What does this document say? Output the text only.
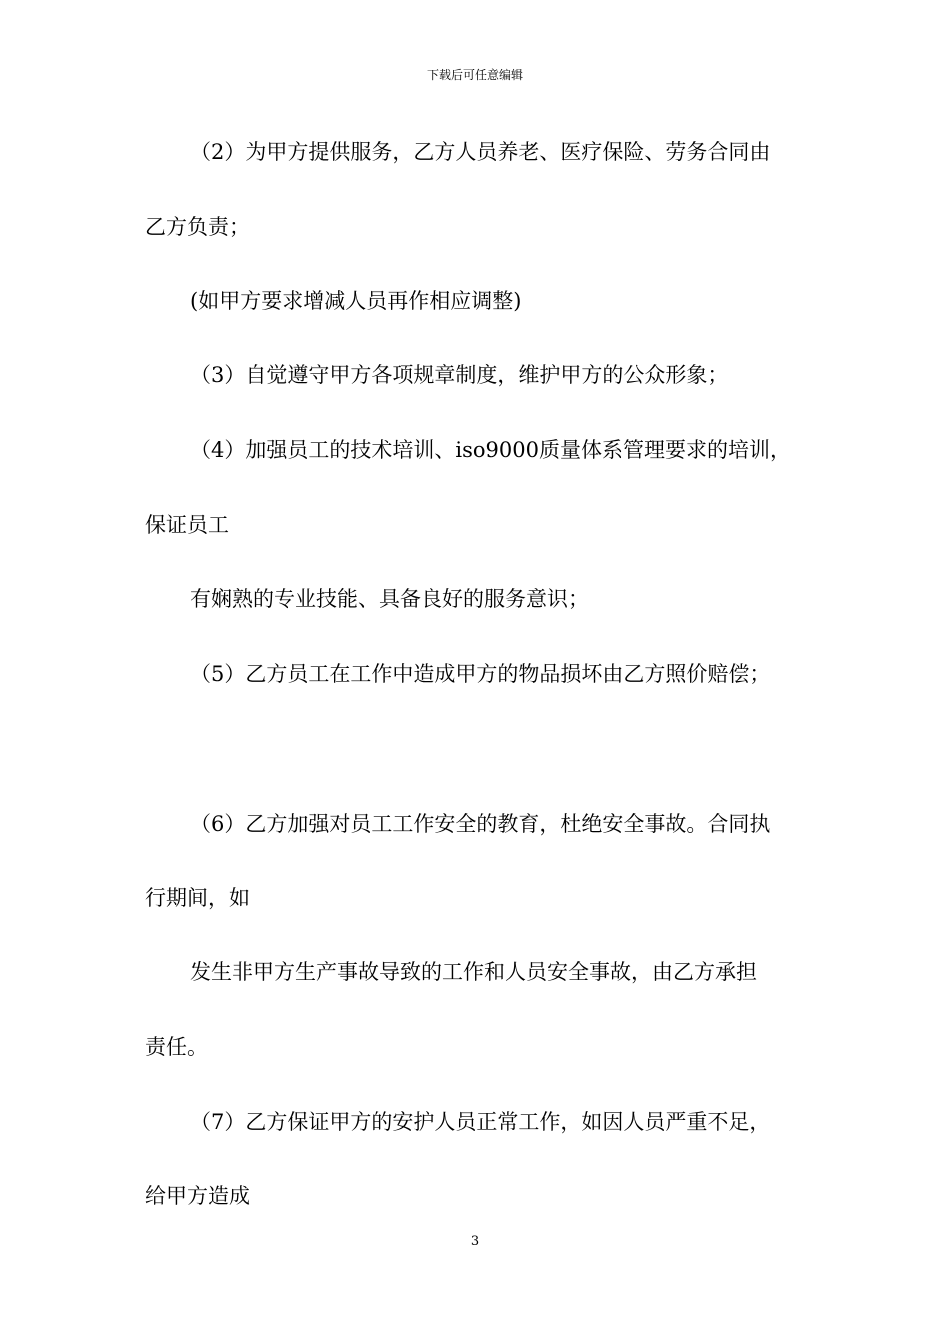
下载后可任意编辑
（2）为甲方提供服务，乙方人员养老、医疗保险、劳务合同由
乙方负责；
(如甲方要求增减人员再作相应调整)
（3）自觉遵守甲方各项规章制度，维护甲方的公众形象；
（4）加强员工的技术培训、iso9000质量体系管理要求的培训，
保证员工
有娴熟的专业技能、具备良好的服务意识；
（5）乙方员工在工作中造成甲方的物品损坏由乙方照价赔偿；
（6）乙方加强对员工工作安全的教育，杜绝安全事故。合同执
行期间，如
发生非甲方生产事故导致的工作和人员安全事故，由乙方承担
责任。
（7）乙方保证甲方的安护人员正常工作，如因人员严重不足，
给甲方造成
3
